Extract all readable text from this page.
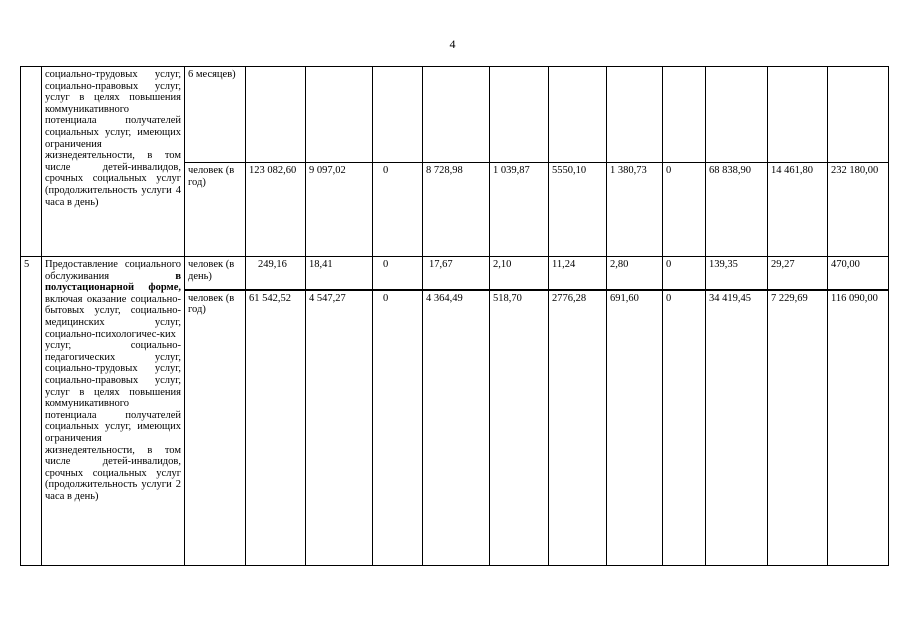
4
	социально-трудовых услуг, социально-правовых услуг, услуг в целях повышения коммуникативного потенциала получателей социальных услуг, имеющих ограничения жизнедеятельности, в том числе детей-инвалидов, срочных социальных услуг (продолжительность услуги 4 часа в день)	6 месяцев)											
		человек (в год)	123 082,60	9 097,02	0	8 728,98	1 039,87	5550,10	1 380,73	0	68 838,90	14 461,80	232 180,00
5	Предоставление социального обслуживания в полустационарной форме, включая оказание социально-бытовых услуг, социально-медицинских услуг, социально-психологичес-ких услуг, социально-педагогических услуг, социально-трудовых услуг, социально-правовых услуг, услуг в целях повышения коммуникативного потенциала получателей социальных услуг, имеющих ограничения жизнедеятельности, в том числе детей-инвалидов, срочных социальных услуг (продолжительность услуги 2 часа в день)	человек (в день)	249,16	18,41	0	17,67	2,10	11,24	2,80	0	139,35	29,27	470,00
		человек (в год)	61 542,52	4 547,27	0	4 364,49	518,70	2776,28	691,60	0	34 419,45	7 229,69	116 090,00
